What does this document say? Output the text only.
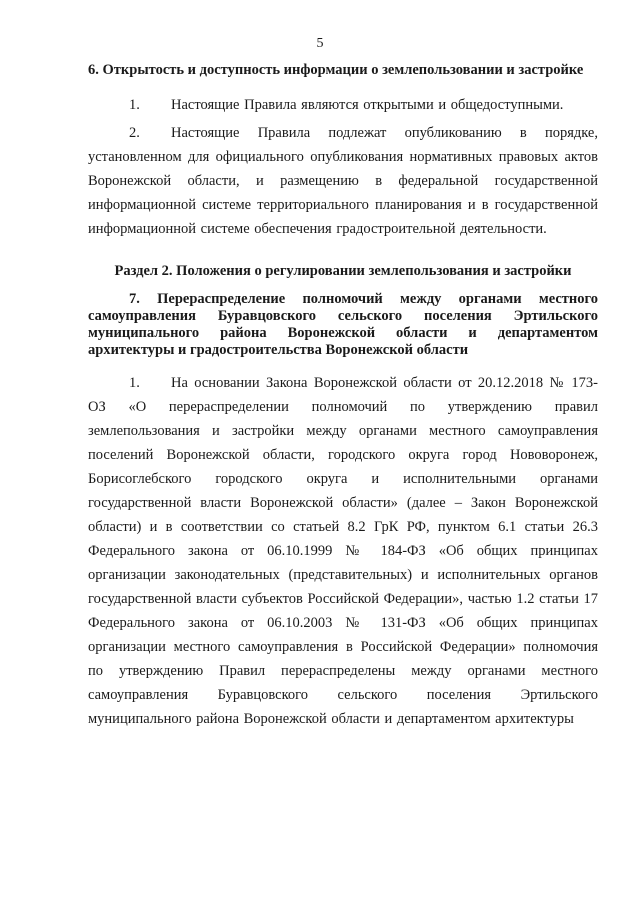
5
6. Открытость и доступность информации о землепользовании и застройке
1. Настоящие Правила являются открытыми и общедоступными.
2. Настоящие Правила подлежат опубликованию в порядке, установленном для официального опубликования нормативных правовых актов Воронежской области, и размещению в федеральной государственной информационной системе территориального планирования и в государственной информационной системе обеспечения градостроительной деятельности.
Раздел 2. Положения о регулировании землепользования и застройки
7. Перераспределение полномочий между органами местного самоуправления Буравцовского сельского поселения Эртильского муниципального района Воронежской области и департаментом архитектуры и градостроительства Воронежской области
1. На основании Закона Воронежской области от 20.12.2018 № 173-ОЗ «О перераспределении полномочий по утверждению правил землепользования и застройки между органами местного самоуправления поселений Воронежской области, городского округа город Нововоронеж, Борисоглебского городского округа и исполнительными органами государственной власти Воронежской области» (далее – Закон Воронежской области) и в соответствии со статьей 8.2 ГрК РФ, пунктом 6.1 статьи 26.3 Федерального закона от 06.10.1999 № 184-ФЗ «Об общих принципах организации законодательных (представительных) и исполнительных органов государственной власти субъектов Российской Федерации», частью 1.2 статьи 17 Федерального закона от 06.10.2003 № 131-ФЗ «Об общих принципах организации местного самоуправления в Российской Федерации» полномочия по утверждению Правил перераспределены между органами местного самоуправления Буравцовского сельского поселения Эртильского муниципального района Воронежской области и департаментом архитектуры
